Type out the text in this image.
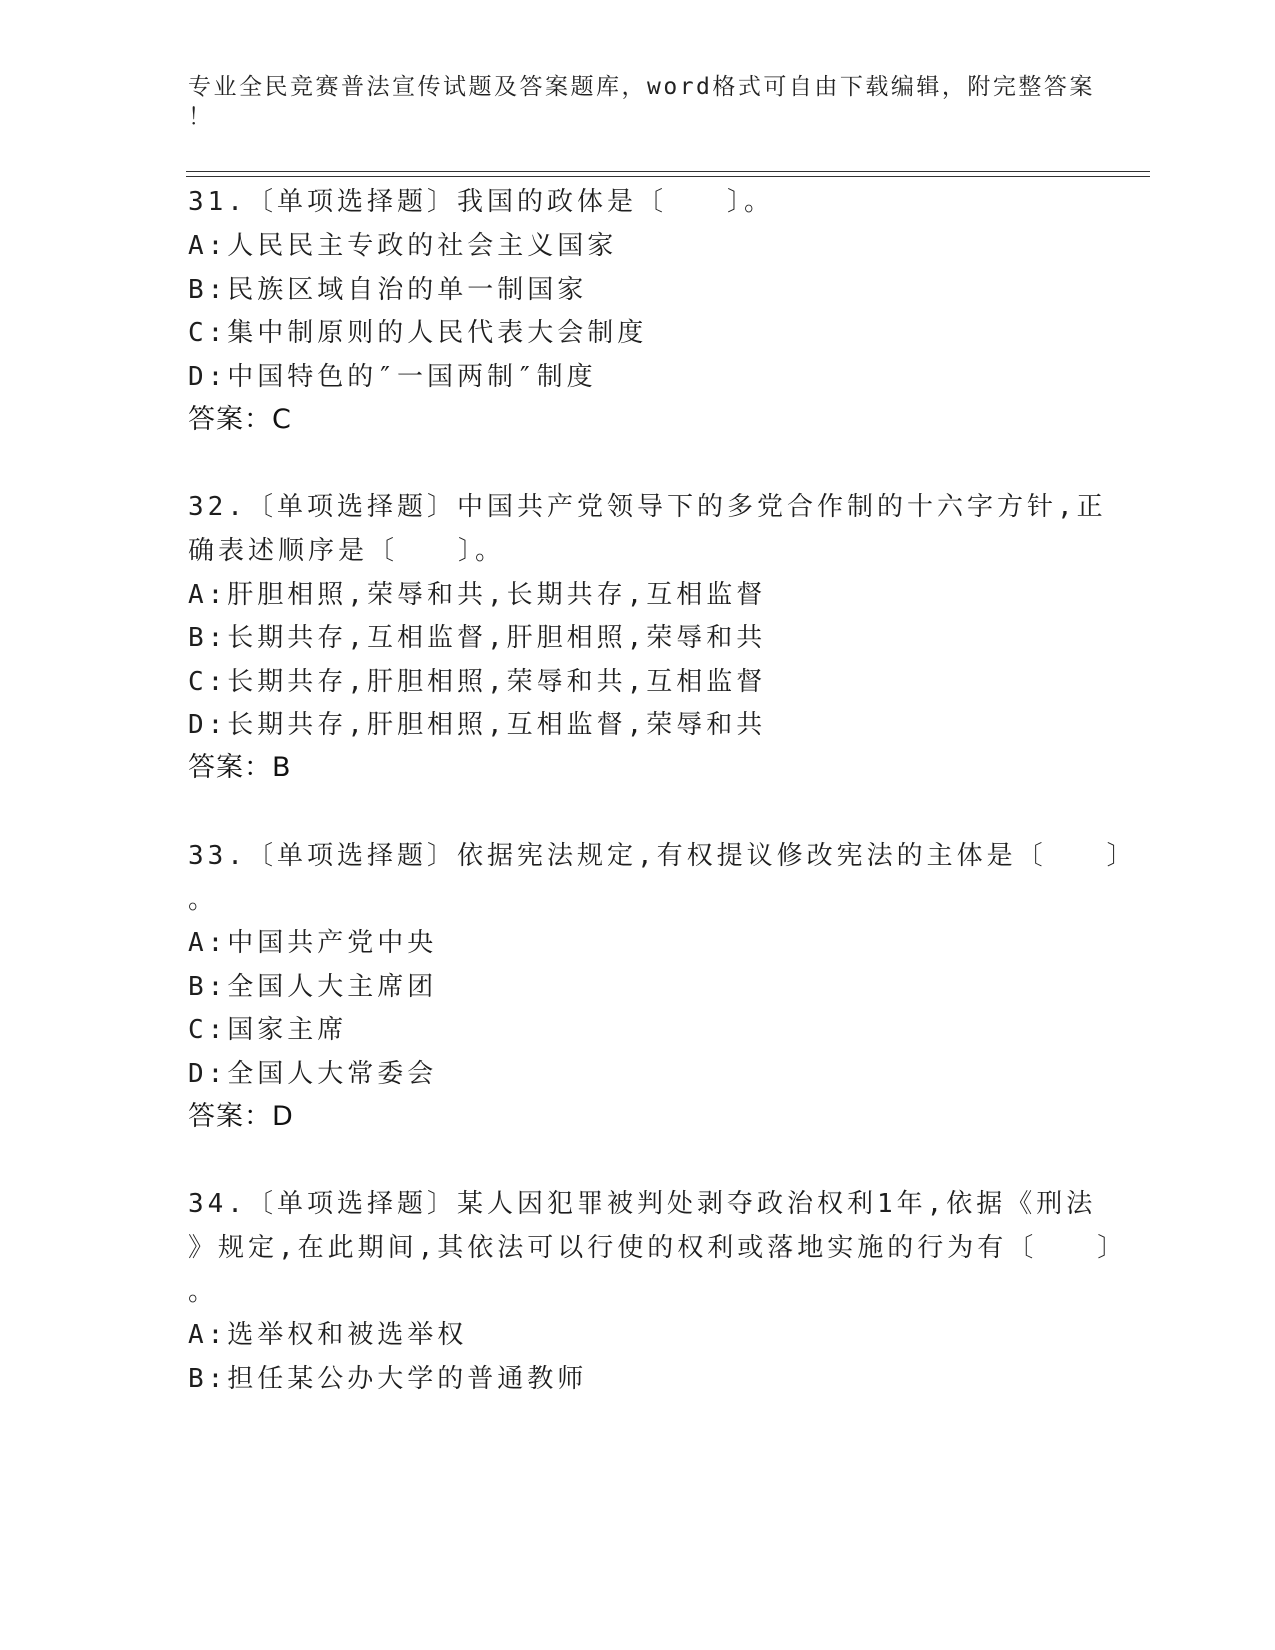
专业全民竞赛普法宣传试题及答案题库，word格式可自由下载编辑，附完整答案
！
31.〔单项选择题〕我国的政体是〔　　〕。
A:人民民主专政的社会主义国家
B:民族区域自治的单一制国家
C:集中制原则的人民代表大会制度
D:中国特色的″一国两制″制度
答案：C
32.〔单项选择题〕中国共产党领导下的多党合作制的十六字方针,正
确表述顺序是〔　　〕。
A:肝胆相照,荣辱和共,长期共存,互相监督
B:长期共存,互相监督,肝胆相照,荣辱和共
C:长期共存,肝胆相照,荣辱和共,互相监督
D:长期共存,肝胆相照,互相监督,荣辱和共
答案：B
33.〔单项选择题〕依据宪法规定,有权提议修改宪法的主体是〔　　〕
。
A:中国共产党中央
B:全国人大主席团
C:国家主席
D:全国人大常委会
答案：D
34.〔单项选择题〕某人因犯罪被判处剥夺政治权利1年,依据《刑法
》规定,在此期间,其依法可以行使的权利或落地实施的行为有〔　　〕
。
A:选举权和被选举权
B:担任某公办大学的普通教师
